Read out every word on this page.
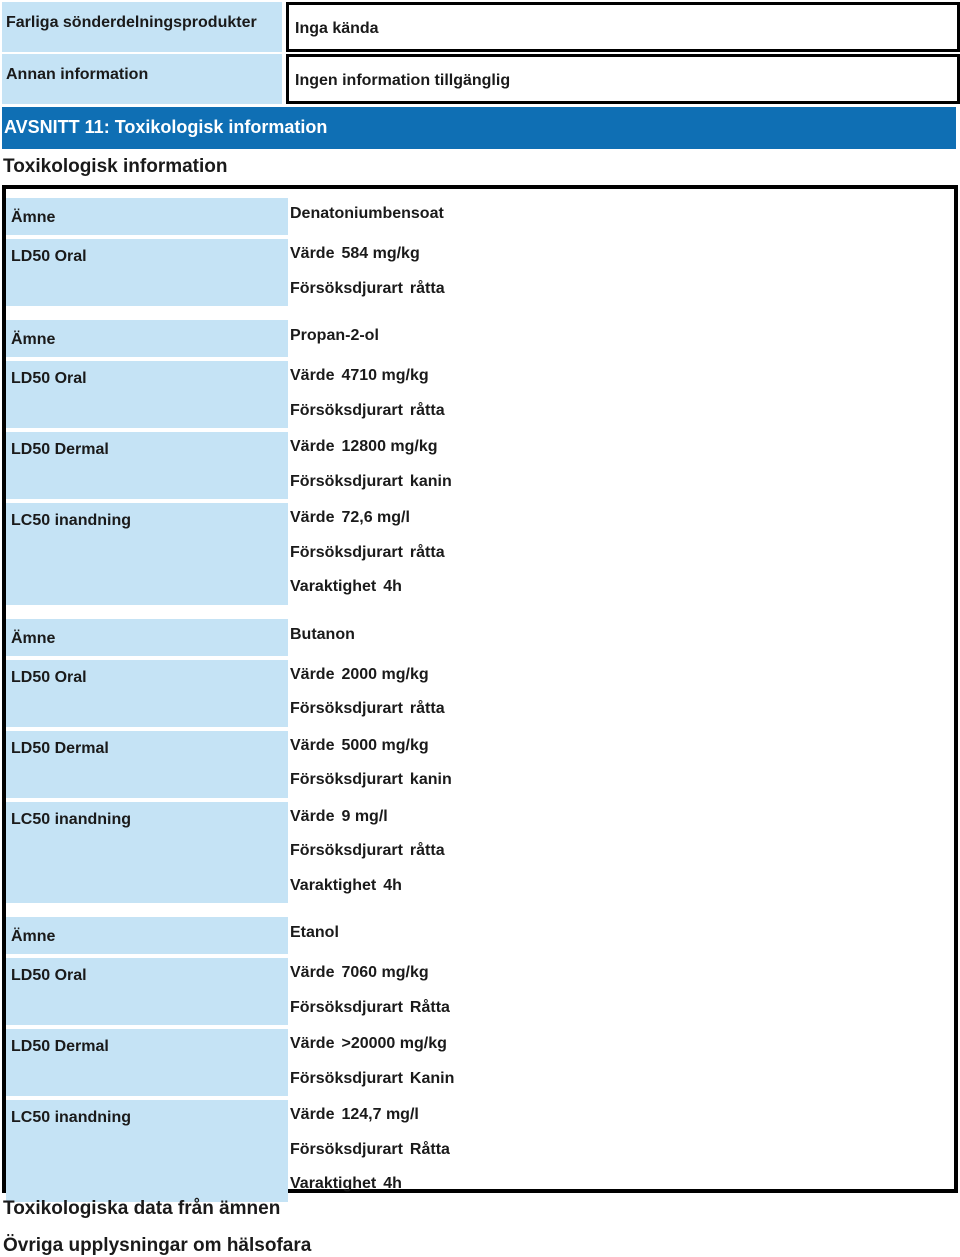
Farliga sönderdelningsprodukter	Inga kända
Annan information	Ingen information tillgänglig
AVSNITT 11: Toxikologisk information
Toxikologisk information
Ämne	Denatoniumbensoat
LD50 Oral	Värde 584 mg/kg
Försöksdjurart råtta
Ämne	Propan-2-ol
LD50 Oral	Värde 4710 mg/kg
Försöksdjurart råtta
LD50 Dermal	Värde 12800 mg/kg
Försöksdjurart kanin
LC50 inandning	Värde 72,6 mg/l
Försöksdjurart råtta
Varaktighet 4h
Ämne	Butanon
LD50 Oral	Värde 2000 mg/kg
Försöksdjurart råtta
LD50 Dermal	Värde 5000 mg/kg
Försöksdjurart kanin
LC50 inandning	Värde 9 mg/l
Försöksdjurart råtta
Varaktighet 4h
Ämne	Etanol
LD50 Oral	Värde 7060 mg/kg
Försöksdjurart Råtta
LD50 Dermal	Värde >20000 mg/kg
Försöksdjurart Kanin
LC50 inandning	Värde 124,7 mg/l
Försöksdjurart Råtta
Varaktighet 4h
Toxikologiska data från ämnen
Övriga upplysningar om hälsofara
